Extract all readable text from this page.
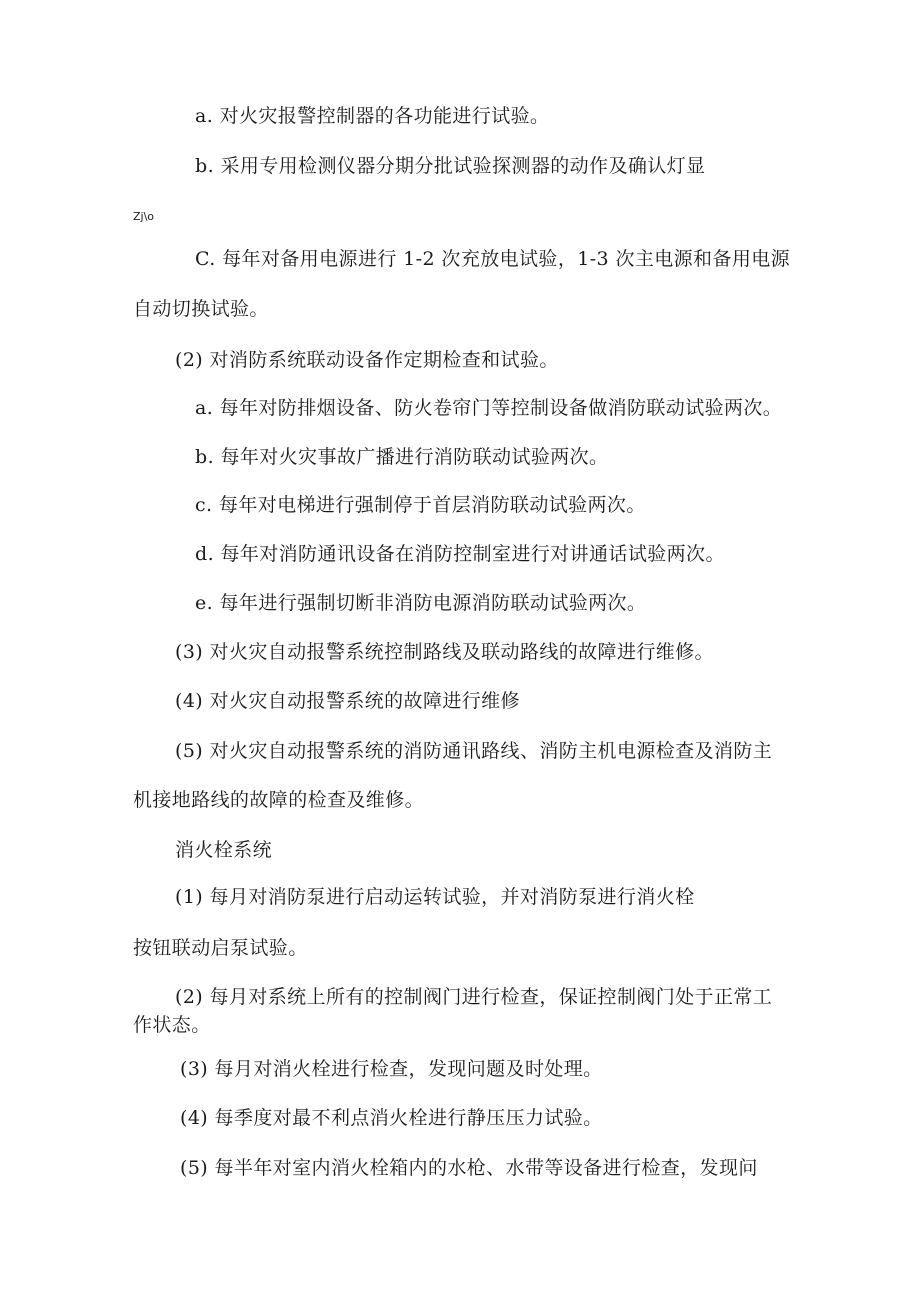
a. 对火灾报警控制器的各功能进行试验。
b. 采用专用检测仪器分期分批试验探测器的动作及确认灯显
Zj\o
C. 每年对备用电源进行 1-2 次充放电试验，1-3 次主电源和备用电源
自动切换试验。
(2) 对消防系统联动设备作定期检查和试验。
a. 每年对防排烟设备、防火卷帘门等控制设备做消防联动试验两次。
b. 每年对火灾事故广播进行消防联动试验两次。
c. 每年对电梯进行强制停于首层消防联动试验两次。
d. 每年对消防通讯设备在消防控制室进行对讲通话试验两次。
e. 每年进行强制切断非消防电源消防联动试验两次。
(3) 对火灾自动报警系统控制路线及联动路线的故障进行维修。
(4) 对火灾自动报警系统的故障进行维修
(5) 对火灾自动报警系统的消防通讯路线、消防主机电源检查及消防主
机接地路线的故障的检查及维修。
消火栓系统
(1) 每月对消防泵进行启动运转试验，并对消防泵进行消火栓
按钮联动启泵试验。
(2) 每月对系统上所有的控制阀门进行检查，保证控制阀门处于正常工
作状态。
(3) 每月对消火栓进行检查，发现问题及时处理。
(4) 每季度对最不利点消火栓进行静压压力试验。
(5) 每半年对室内消火栓箱内的水枪、水带等设备进行检查，发现问
